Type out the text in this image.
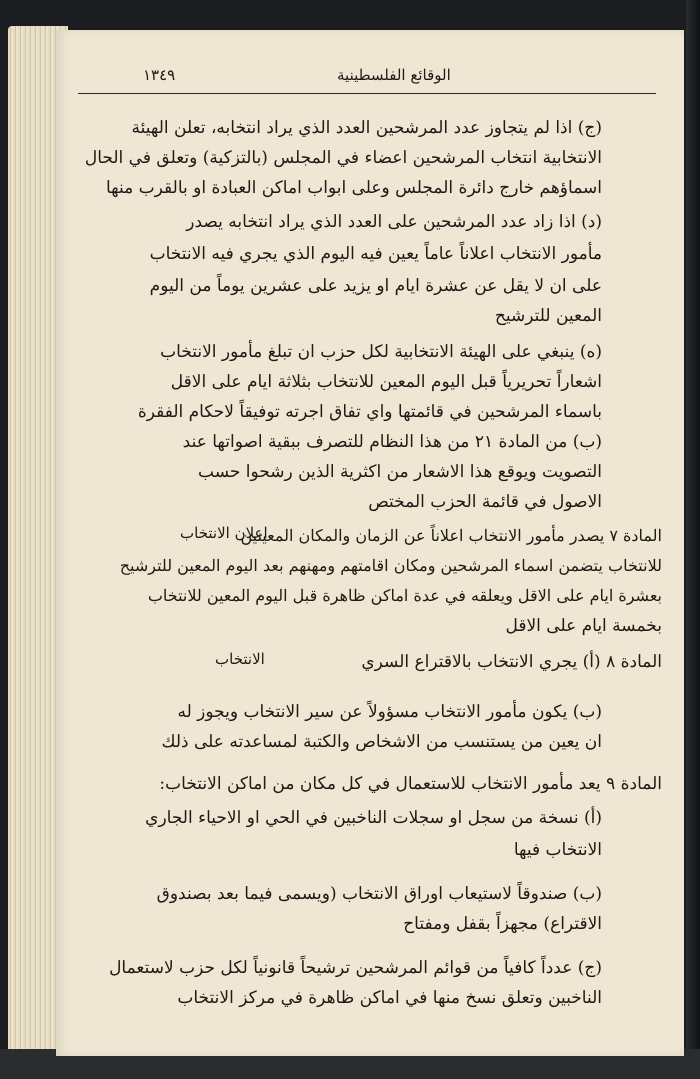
١٣٤٩	الوقائع الفلسطينية
(ج) اذا لم يتجاوز عدد المرشحين العدد الذي يراد انتخابه، تعلن الهيئة
الانتخابية انتخاب المرشحين اعضاء في المجلس (بالتزكية) وتعلق في الحال
اسماؤهم خارج دائرة المجلس وعلى ابواب اماكن العبادة او بالقرب منها
(د) اذا زاد عدد المرشحين على العدد الذي يراد انتخابه يصدر
مأمور الانتخاب اعلاناً عاماً يعين فيه اليوم الذي يجري فيه الانتخاب
على ان لا يقل عن عشرة ايام او يزيد على عشرين يوماً من اليوم
المعين للترشيح
(ه) ينبغي على الهيئة الانتخابية لكل حزب ان تبلغ مأمور الانتخاب
اشعاراً تحريرياً قبل اليوم المعين للانتخاب بثلاثة ايام على الاقل
باسماء المرشحين في قائمتها واي تفاق اجرته توفيقاً لاحكام الفقرة
(ب) من المادة ٢١ من هذا النظام للتصرف ببقية اصواتها عند
التصويت ويوقع هذا الاشعار من اكثرية الذين رشحوا حسب
الاصول في قائمة الحزب المختص
اعلان الانتخاب
المادة ٧ يصدر مأمور الانتخاب اعلاناً عن الزمان والمكان المعينين
للانتخاب يتضمن اسماء المرشحين ومكان اقامتهم ومهنهم بعد اليوم المعين للترشيح
بعشرة ايام على الاقل ويعلقه في عدة اماكن ظاهرة قبل اليوم المعين للانتخاب
بخمسة ايام على الاقل
الانتخاب	المادة ٨ (أ) يجري الانتخاب بالاقتراع السري
(ب) يكون مأمور الانتخاب مسؤولاً عن سير الانتخاب ويجوز له
ان يعين من يستنسب من الاشخاص والكتبة لمساعدته على ذلك
المادة ٩ يعد مأمور الانتخاب للاستعمال في كل مكان من اماكن الانتخاب:
(أ) نسخة من سجل او سجلات الناخبين في الحي او الاحياء الجاري
الانتخاب فيها
(ب) صندوقاً لاستيعاب اوراق الانتخاب (ويسمى فيما بعد بصندوق
الاقتراع) مجهزاً بقفل ومفتاح
(ج) عدداً كافياً من قوائم المرشحين ترشيحاً قانونياً لكل حزب لاستعمال
الناخبين وتعلق نسخ منها في اماكن ظاهرة في مركز الانتخاب
